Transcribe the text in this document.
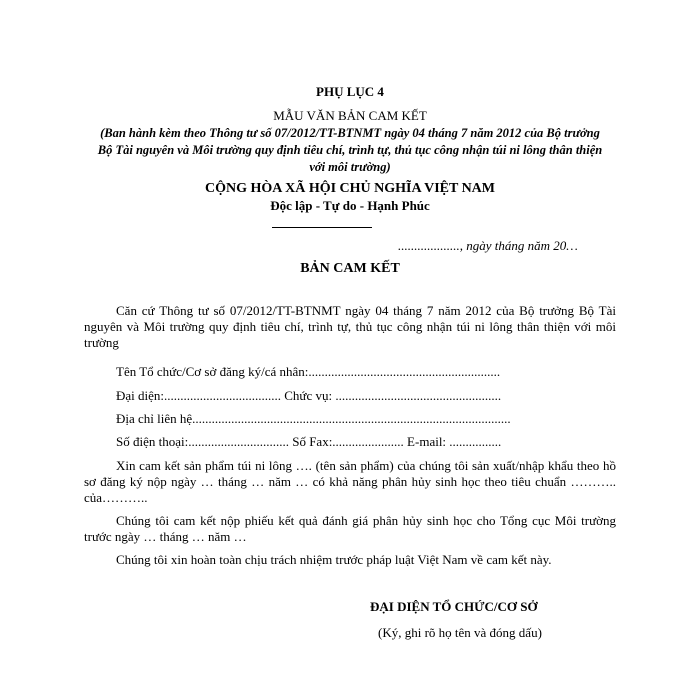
PHỤ LỤC 4
MẪU VĂN BẢN CAM KẾT
(Ban hành kèm theo Thông tư số 07/2012/TT-BTNMT ngày 04 tháng 7 năm 2012 của Bộ trưởng
Bộ Tài nguyên và Môi trường quy định tiêu chí, trình tự, thủ tục công nhận túi ni lông thân thiện
với môi trường)
CỘNG HÒA XÃ HỘI CHỦ NGHĨA VIỆT NAM
Độc lập - Tự do - Hạnh Phúc
..................., ngày tháng năm 20…
BẢN CAM KẾT
Căn cứ Thông tư số 07/2012/TT-BTNMT ngày 04 tháng 7 năm 2012 của Bộ trưởng Bộ Tài nguyên và Môi trường quy định tiêu chí, trình tự, thủ tục công nhận túi ni lông thân thiện với môi trường
Tên Tổ chức/Cơ sở đăng ký/cá nhân:...........................................................
Đại diện:.................................... Chức vụ: ...................................................
Địa chỉ liên hệ..................................................................................................
Số điện thoại:............................... Số Fax:...................... E-mail: ................
Xin cam kết sản phẩm túi ni lông …. (tên sản phẩm) của chúng tôi sản xuất/nhập khẩu theo hồ sơ đăng ký nộp ngày … tháng … năm … có khả năng phân hủy sinh học theo tiêu chuẩn ……….. của………..
Chúng tôi cam kết nộp phiếu kết quả đánh giá phân hủy sinh học cho Tổng cục Môi trường trước ngày … tháng … năm …
Chúng tôi xin hoàn toàn chịu trách nhiệm trước pháp luật Việt Nam về cam kết này.
ĐẠI DIỆN TỔ CHỨC/CƠ SỞ
(Ký, ghi rõ họ tên và đóng dấu)
